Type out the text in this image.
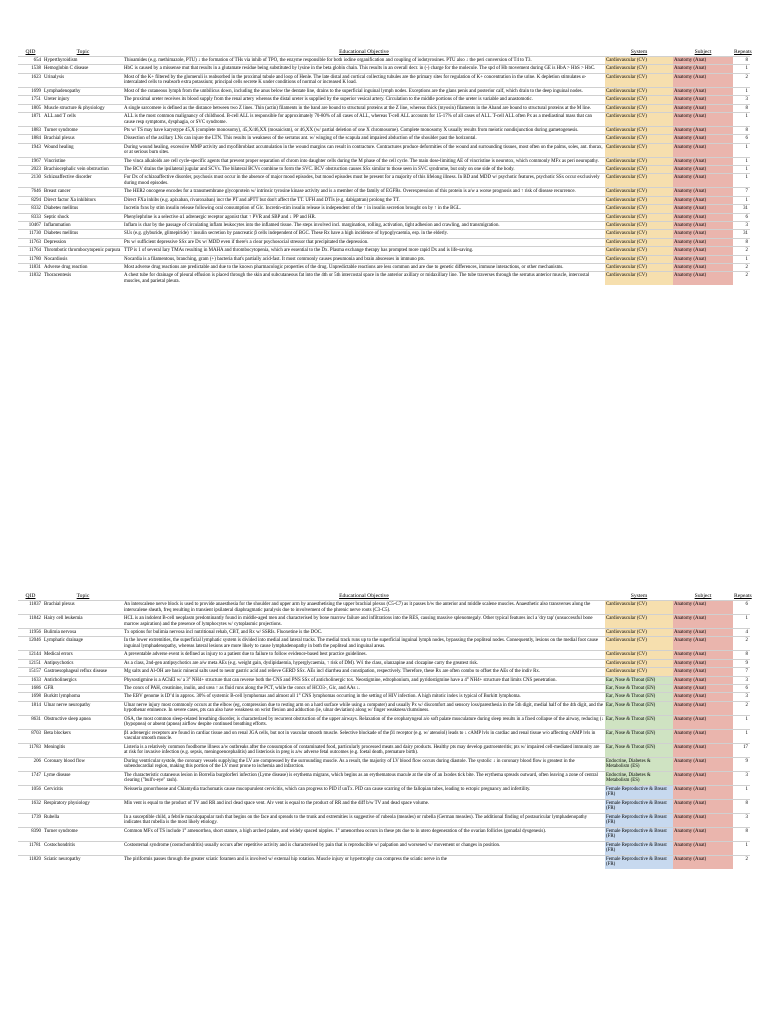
QID	Topic	Educational Objective	System	Subject	Repeats
654	Hyperthyroidism	Thioamides (e.g. methimazole, PTU) ↓ the formation of THs via inhib of TPO, the enzyme responsible for both iodine organification and coupling of iodotyrosines. PTU also ↓ the peri conversion of T4 to T3.	Cardiovascular (CV)	Anatomy (Anat)	8
1538	Hemoglobin C disease	HbC is caused by a missense mut that results in a glutamate residue being substituted by lysine in the beta globin chain. This results in an overall decr. in (-) charge for the molecule. The spd of Hb movement during GE is HbA > HbS > HbC.	Cardiovascular (CV)	Anatomy (Anat)	1
1623	Urinalysis	Most of the K+ filtered by the glomeruli is reabsorbed in the proximal tubule and loop of Henle. The late distal and cortical collecting tubules are the primary sites for regulation of K+ concentration in the urine. K depletion stimulates α-intercalated cells to reabsorb extra potassium; principal cells secrete K under conditions of normal or increased K load.	Cardiovascular (CV)	Anatomy (Anat)	2
1699	Lymphadenopathy	Most of the cutaneous lymph from the umbilicus down, including the anus below the dentate line, drains to the superficial inguinal lymph nodes. Exceptions are the glans penis and posterior calf, which drain to the deep inguinal nodes.	Cardiovascular (CV)	Anatomy (Anat)	1
1751	Ureter injury	The proximal ureter receives its blood supply from the renal artery whereas the distal ureter is supplied by the superior vesical artery. Circulation to the middle portions of the ureter is variable and anastomotic.	Cardiovascular (CV)	Anatomy (Anat)	3
1805	Muscle structure & physiology	A single sarcomere is defined as the distance between two Z lines. Thin (actin) filaments in the band are bound to structural proteins at the Z line, whereas thick (myosin) filaments in the Aband are bound to structural proteins at the M line.	Cardiovascular (CV)	Anatomy (Anat)	8
1871	ALL and T cells	ALL is the most common malignancy of childhood. B-cell ALL is responsible for approximately 70-80% of all cases of ALL, whereas T-cell ALL accounts for 15-17% of all cases of ALL. T-cell ALL often Px as a mediastinal mass that can cause resp symptoms, dysphagia, or SVC syndrome.	Cardiovascular (CV)	Anatomy (Anat)	1
1883	Turner syndrome	Pts w/ TS may have karyotype 45,X (complete monosomy), 45,X/46,XX (mosaicism), or 46,XX (w/ partial deletion of one X chromosome). Complete monosomy X usually results from meiotic nondisjunction during gametogenesis.	Cardiovascular (CV)	Anatomy (Anat)	8
1884	Brachial plexus	Dissection of the axillary LNs can injure the LTN. This results in weakness of the serratus ant. w/ winging of the scapula and impaired abduction of the shoulder past the horizontal.	Cardiovascular (CV)	Anatomy (Anat)	6
1943	Wound healing	During wound healing, excessive MMP activity and myofibroblast accumulation in the wound margins can result in contracture. Contractures produce deformities of the wound and surrounding tissues, most often on the palms, soles, ant. thorax, or at serious burn sites.	Cardiovascular (CV)	Anatomy (Anat)	1
1967	Vincristine	The vinca alkaloids are cell cycle-specific agents that prevent proper separation of chrom into daughter cells during the M phase of the cell cycle. The main dose-limiting AE of vincristine is neurotox, which commonly MFx as peri neuropathy.	Cardiovascular (CV)	Anatomy (Anat)	1
2023	Brachiocephalic vein obstruction	The BCV drains the ipsilateral jugular and SCVs. The bilateral BCVs combine to form the SVC. BCV obstruction causes SSx similar to those seen in SVC syndrome, but only on one side of the body.	Cardiovascular (CV)	Anatomy (Anat)	1
2130	Schizoaffective disorder	For Dx of schizoaffective disorder, psychosis must occur in the absence of major mood episodes, but mood episodes must be present for a majority of this lifelong illness. In BD and MDD w/ psychotic features, psychotic SSx occur exclusively during mood episodes.	Cardiovascular (CV)	Anatomy (Anat)	1
7646	Breast cancer	The HER2 oncogene encodes for a transmembrane glycoprotein w/ intrinsic tyrosine kinase activity and is a member of the family of EGFRs. Overexpression of this protein is a/w a worse prognosis and ↑ risk of disease recurrence.	Cardiovascular (CV)	Anatomy (Anat)	7
8294	Direct factor Xa inhibitors	Direct FXa inhibs (e.g. apixaban, rivaroxaban) incr the PT and aPTT but don't affect the TT. UFH and DTIs (e.g. dabigatran) prolong the TT.	Cardiovascular (CV)	Anatomy (Anat)	1
8332	Diabetes mellitus	Incretin fxns by stim insulin release following oral consumption of Glc. Incretin-stim insulin release is independent of the ↑ in insulin secretion brought on by ↑ in the BGL.	Cardiovascular (CV)	Anatomy (Anat)	31
8333	Septic shock	Phenylephrine is a selective α1 adrenergic receptor agonist that ↑ PVR and SBP and ↓ PP and HR.	Cardiovascular (CV)	Anatomy (Anat)	6
10467	Inflammation	Inflam is char by the passage of circulating inflam leukocytes into the inflamed tissue. The steps involved incl. margination, rolling, activation, tight adhesion and crawling, and transmigration.	Cardiovascular (CV)	Anatomy (Anat)	3
11730	Diabetes mellitus	SUs (e.g. glyburide, glimepiride) ↑ insulin secretion by pancreatic β cells independent of BGC. These Rx have a high incidence of hypoglycaemia, esp. in the elderly.	Cardiovascular (CV)	Anatomy (Anat)	31
11763	Depression	Pts w/ sufficient depressive SSx are Dx w/ MDD even if there's a clear psychosocial stressor that precipitated the depression.	Cardiovascular (CV)	Anatomy (Anat)	8
11764	Thrombotic thrombocytopenic purpura	TTP is 1 of several Iary TMAs resulting in MAHA and thrombocytopenia, which are essential to the Dx. Plasma exchange therapy has prompted more rapid Dx and is life-saving.	Cardiovascular (CV)	Anatomy (Anat)	2
11780	Nocardiosis	Nocardia is a filamentous, branching, gram (+) bacteria that's partially acid-fast. It most commonly causes pneumonia and brain abscesses in immuno pts.	Cardiovascular (CV)	Anatomy (Anat)	1
11831	Adverse drug reaction	Most adverse drug reactions are predictable and due to the known pharmacologic properties of the drug. Unpredictable reactions are less common and are due to genetic differences, immune interactions, or other mechanisms.	Cardiovascular (CV)	Anatomy (Anat)	2
11832	Thoracentesis	A chest tube for drainage of pleural effusion is placed through the skin and subcutaneous fat into the 4th or 5th intercostal space in the anterior axillary or midaxillary line. The tube traverses through the serratus anterior muscle, intercostal muscles, and parietal pleura.	Cardiovascular (CV)	Anatomy (Anat)	2
QID	Topic	Educational Objective	System	Subject	Repeats
11837	Brachial plexus	An interscalene nerve block is used to provide anaesthesia for the shoulder and upper arm by anaesthetising the upper brachial plexus (C5-C7) as it passes b/w the anterior and middle scalene muscles. Anaesthetic also transverses along the interscalene sheath, freq resulting in transient ipsilateral diaphragmatic paralysis due to involvement of the phrenic nerve roots (C3-C5).	Cardiovascular (CV)	Anatomy (Anat)	6
11842	Hairy cell leukemia	HCL is an indolent B-cell neoplasm predominantly found in middle-aged men and characterised by bone marrow failure and infiltrations into the RES, causing massive splenomegaly. Other typical features incl a 'dry tap' (unsuccessful bone marrow aspiration) and the presence of lymphocytes w/ cytoplasmic projections.	Cardiovascular (CV)	Anatomy (Anat)	1
11956	Bulimia nervosa	Tx options for bulimia nervosa incl nutritional rehab, CBT, and Rx w/ SSRIs. Fluoxetine is the DOC.	Cardiovascular (CV)	Anatomy (Anat)	4
12046	Lymphatic drainage	In the lower extremities, the superficial lymphatic system is divided into medial and lateral tracks. The medial track runs up to the superficial inguinal lymph nodes, bypassing the popliteal nodes. Consequently, lesions on the medial foot cause inguinal lymphadenopathy, whereas lateral lesions are more likely to cause lymphadenopathy in both the popliteal and inguinal areas.	Cardiovascular (CV)	Anatomy (Anat)	2
12144	Medical errors	A preventable adverse event is defined as injury to a patient due to failure to follow evidence-based best practice guidelines.	Cardiovascular (CV)	Anatomy (Anat)	8
12151	Antipsychotics	As a class, 2nd-gen antipsychotics are a/w meta AEs (e.g. weight gain, dyslipidaemia, hyperglycaemia, ↑ risk of DM). W/i the class, olanzapine and clozapine carry the greatest risk.	Cardiovascular (CV)	Anatomy (Anat)	9
15157	Gastroesophageal reflux disease	Mg salts and Al-OH are basic mineral salts used to neutr gastric acid and relieve GERD SSx. AEs incl diarrhea and constipation, respectively. Therefore, these Rx are often combo to offset the AEs of the indiv Rx.	Cardiovascular (CV)	Anatomy (Anat)	7
1633	Anticholinergics	Physostigmine is a AChEI w/ a 3° NH4+ structure that can reverse both the CNS and PNS SSx of anticholinergic tox. Neostigmine, edrophonium, and pyridostigmine have a 4° NH4+ structure that limits CNS penetration.	Ear, Nose & Throat (EN)	Anatomy (Anat)	3
1686	GFR	The concs of PAH, creatinine, inulin, and urea ↑ as fluid runs along the PCT, while the concs of HCO3-, Glc, and AAs ↓.	Ear, Nose & Throat (EN)	Anatomy (Anat)	6
1698	Burkitt lymphoma	The EBV genome is IDʼd in approx. 30% of systemic B-cell lymphomas and almost all 1° CNS lymphomas occurring in the setting of HIV infection. A high mitotic index is typical of Burkitt lymphoma.	Ear, Nose & Throat (EN)	Anatomy (Anat)	3
1814	Ulnar nerve neuropathy	Ulnar nerve injury most commonly occurs at the elbow (eg, compression due to resting arm on a hard surface while using a computer) and usually Px w/ discomfort and sensory loss/paresthesia in the 5th digit, medial half of the 4th digit, and the hypothenar eminence. In severe cases, pts can also have weakness on wrist flexion and adduction (ie, ulnar deviation) along w/ finger weakness/clumsiness.	Ear, Nose & Throat (EN)	Anatomy (Anat)	2
8631	Obstructive sleep apnea	OSA, the most common sleep-related breathing disorder, is characterized by recurrent obstruction of the upper airways. Relaxation of the oropharyngeal a/o soft palate musculature during sleep results in a fixed collapse of the airway, reducing (↓ (hypopnea) or absent (apnea) airflow despite continued breathing efforts.	Ear, Nose & Throat (EN)	Anatomy (Anat)	1
8703	Beta blockers	β1 adrenergic receptors are found in cardiac tissue and on renal JGA cells, but not in vascular smooth muscle. Selective blockade of the β1 receptor (e.g. w/ atenolol) leads to ↓ cAMP lvls in cardiac and renal tissue w/o affecting cAMP lvls in vascular smooth muscle.	Ear, Nose & Throat (EN)	Anatomy (Anat)	1
11783	Meningitis	Listeria is a relatively common foodborne illness a/w outbreaks after the consumption of contaminated food, particularly processed meats and dairy products. Healthy pts may develop gastroenteritis; pts w/ impaired cell-mediated immunity are at risk for invasive infection (e.g. sepsis, meningoencephalitis) and listeriosis in preg is a/w adverse fetal outcomes (e.g. foetal death, premature birth).	Ear, Nose & Throat (EN)	Anatomy (Anat)	17
206	Coronary blood flow	During ventricular systole, the coronary vessels supplying the LV are compressed by the surrounding muscle. As a result, the majority of LV blood flow occurs during diastole. The systolic ↓ in coronary blood flow is greatest in the subendocardial region, making this portion of the LV most prone to ischemia and infarction.	Endocrine, Diabetes & Metabolism (ES)	Anatomy (Anat)	9
1747	Lyme disease	The characteristic cutaneous lesion in Borrelia burgdorferi infection (Lyme disease) is erythema migrans, which begins as an erythematous macule at the site of an Ixodes tick bite. The erythema spreads outward, often leaving a zone of central clearing ("bull's-eye" rash).	Endocrine, Diabetes & Metabolism (ES)	Anatomy (Anat)	3
1056	Cervicitis	Neisseria gonorrhoeae and Chlamydia trachomatis cause mucopurulent cervicitis, which can progress to PID if unTx. PID can cause scarring of the fallopian tubes, leading to ectopic pregnancy and infertility.	Female Reproductive & Breast (FR)	Anatomy (Anat)	1
1632	Respiratory physiology	Min vent is equal to the product of TV and RR and incl dead space vent. Alv vent is equal to the product of RR and the diff b/w TV and dead space volume.	Female Reproductive & Breast (FR)	Anatomy (Anat)	8
1739	Rubella	In a susceptible child, a febrile maculopapular rash that begins on the face and spreads to the trunk and extremities is suggestive of rubeola (measles) or rubella (German measles). The additional finding of postauricular lymphadenopathy indicates that rubella is the most likely etiology.	Female Reproductive & Breast (FR)	Anatomy (Anat)	3
8390	Turner syndrome	Common MFx of TS include 1° amenorrhea, short stature, a high arched palate, and widely spaced nipples. 1° amenorrhea occurs in these pts due to in utero degeneration of the ovarian follicles (gonadal dysgenesis).	Female Reproductive & Breast (FR)	Anatomy (Anat)	8
11781	Costochondritis	Costosternal syndrome (costochondritis) usually occurs after repetitive activity and is characterised by pain that is reproducible w/ palpation and worsened w/ movement or changes in position.	Female Reproductive & Breast (FR)	Anatomy (Anat)	1
11820	Sciatic neuropathy	The piriformis passes through the greater sciatic foramen and is involved w/ external hip rotation. Muscle injury or hypertrophy can compress the sciatic nerve in the	Female Reproductive & Breast (FR)	Anatomy (Anat)	2
